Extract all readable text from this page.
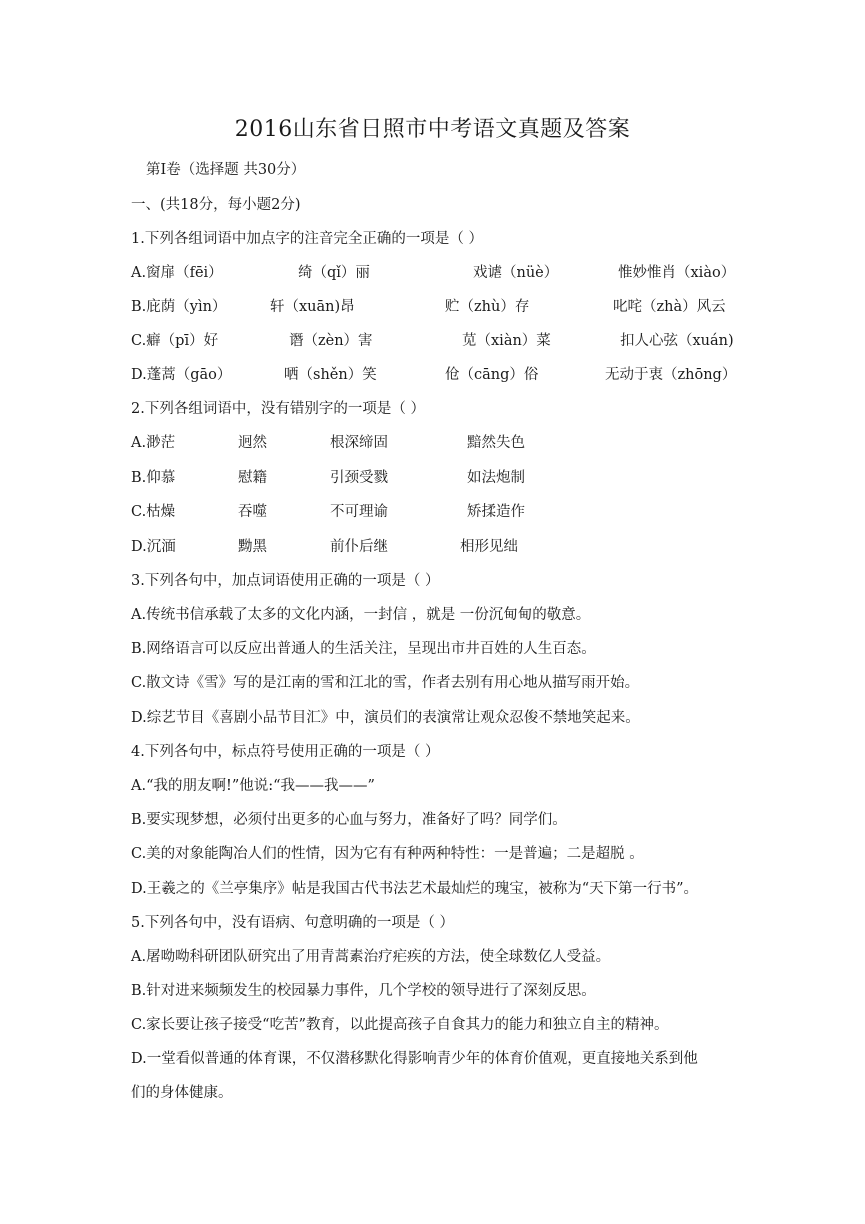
2016山东省日照市中考语文真题及答案
第Ⅰ卷（选择题 共30分）
一、(共18分，每小题2分)
1.下列各组词语中加点字的注音完全正确的一项是（ ）
A.窗扉（fēi）	绮（qǐ）丽	戏谑（nüè）	惟妙惟肖（xiào）
B.庇荫（yìn）	轩（xuān)昂	贮（zhù）存	叱咤（zhà）风云
C.癖（pī）好	谮（zèn）害	苋（xiàn）菜	扣人心弦（xuán)
D.蓬蒿（gāo）	哂（shěn）笑	伧（cāng）俗	无动于衷（zhōng）
2.下列各组词语中，没有错别字的一项是（ ）
A.渺茫	迥然	根深缔固	黯然失色
B.仰慕	慰籍	引颈受戮	如法炮制
C.枯燥	吞噬	不可理谕	矫揉造作
D.沉湎	黝黑	前仆后继	相形见绌
3.下列各句中，加点词语使用正确的一项是（ ）
A.传统书信承载了太多的文化内涵，一封信 ，就是 一份沉甸甸的敬意。
B.网络语言可以反应出普通人的生活关注，呈现出市井百姓的人生百态。
C.散文诗《雪》写的是江南的雪和江北的雪，作者去别有用心地从描写雨开始。
D.综艺节目《喜剧小品节目汇》中，演员们的表演常让观众忍俊不禁地笑起来。
4.下列各句中，标点符号使用正确的一项是（ ）
A.“我的朋友啊!”他说:“我——我——”
B.要实现梦想，必须付出更多的心血与努力，准备好了吗？同学们。
C.美的对象能陶冶人们的性情，因为它有有种两种特性：一是普遍；二是超脱 。
D.王羲之的《兰亭集序》帖是我国古代书法艺术最灿烂的瑰宝，被称为“天下第一行书”。
5.下列各句中，没有语病、句意明确的一项是（ ）
A.屠呦呦科研团队研究出了用青蒿素治疗疟疾的方法，使全球数亿人受益。
B.针对进来频频发生的校园暴力事件，几个学校的领导进行了深刻反思。
C.家长要让孩子接受“吃苦”教育，以此提高孩子自食其力的能力和独立自主的精神。
D.一堂看似普通的体育课，不仅潜移默化得影响青少年的体育价值观，更直接地关系到他
们的身体健康。
